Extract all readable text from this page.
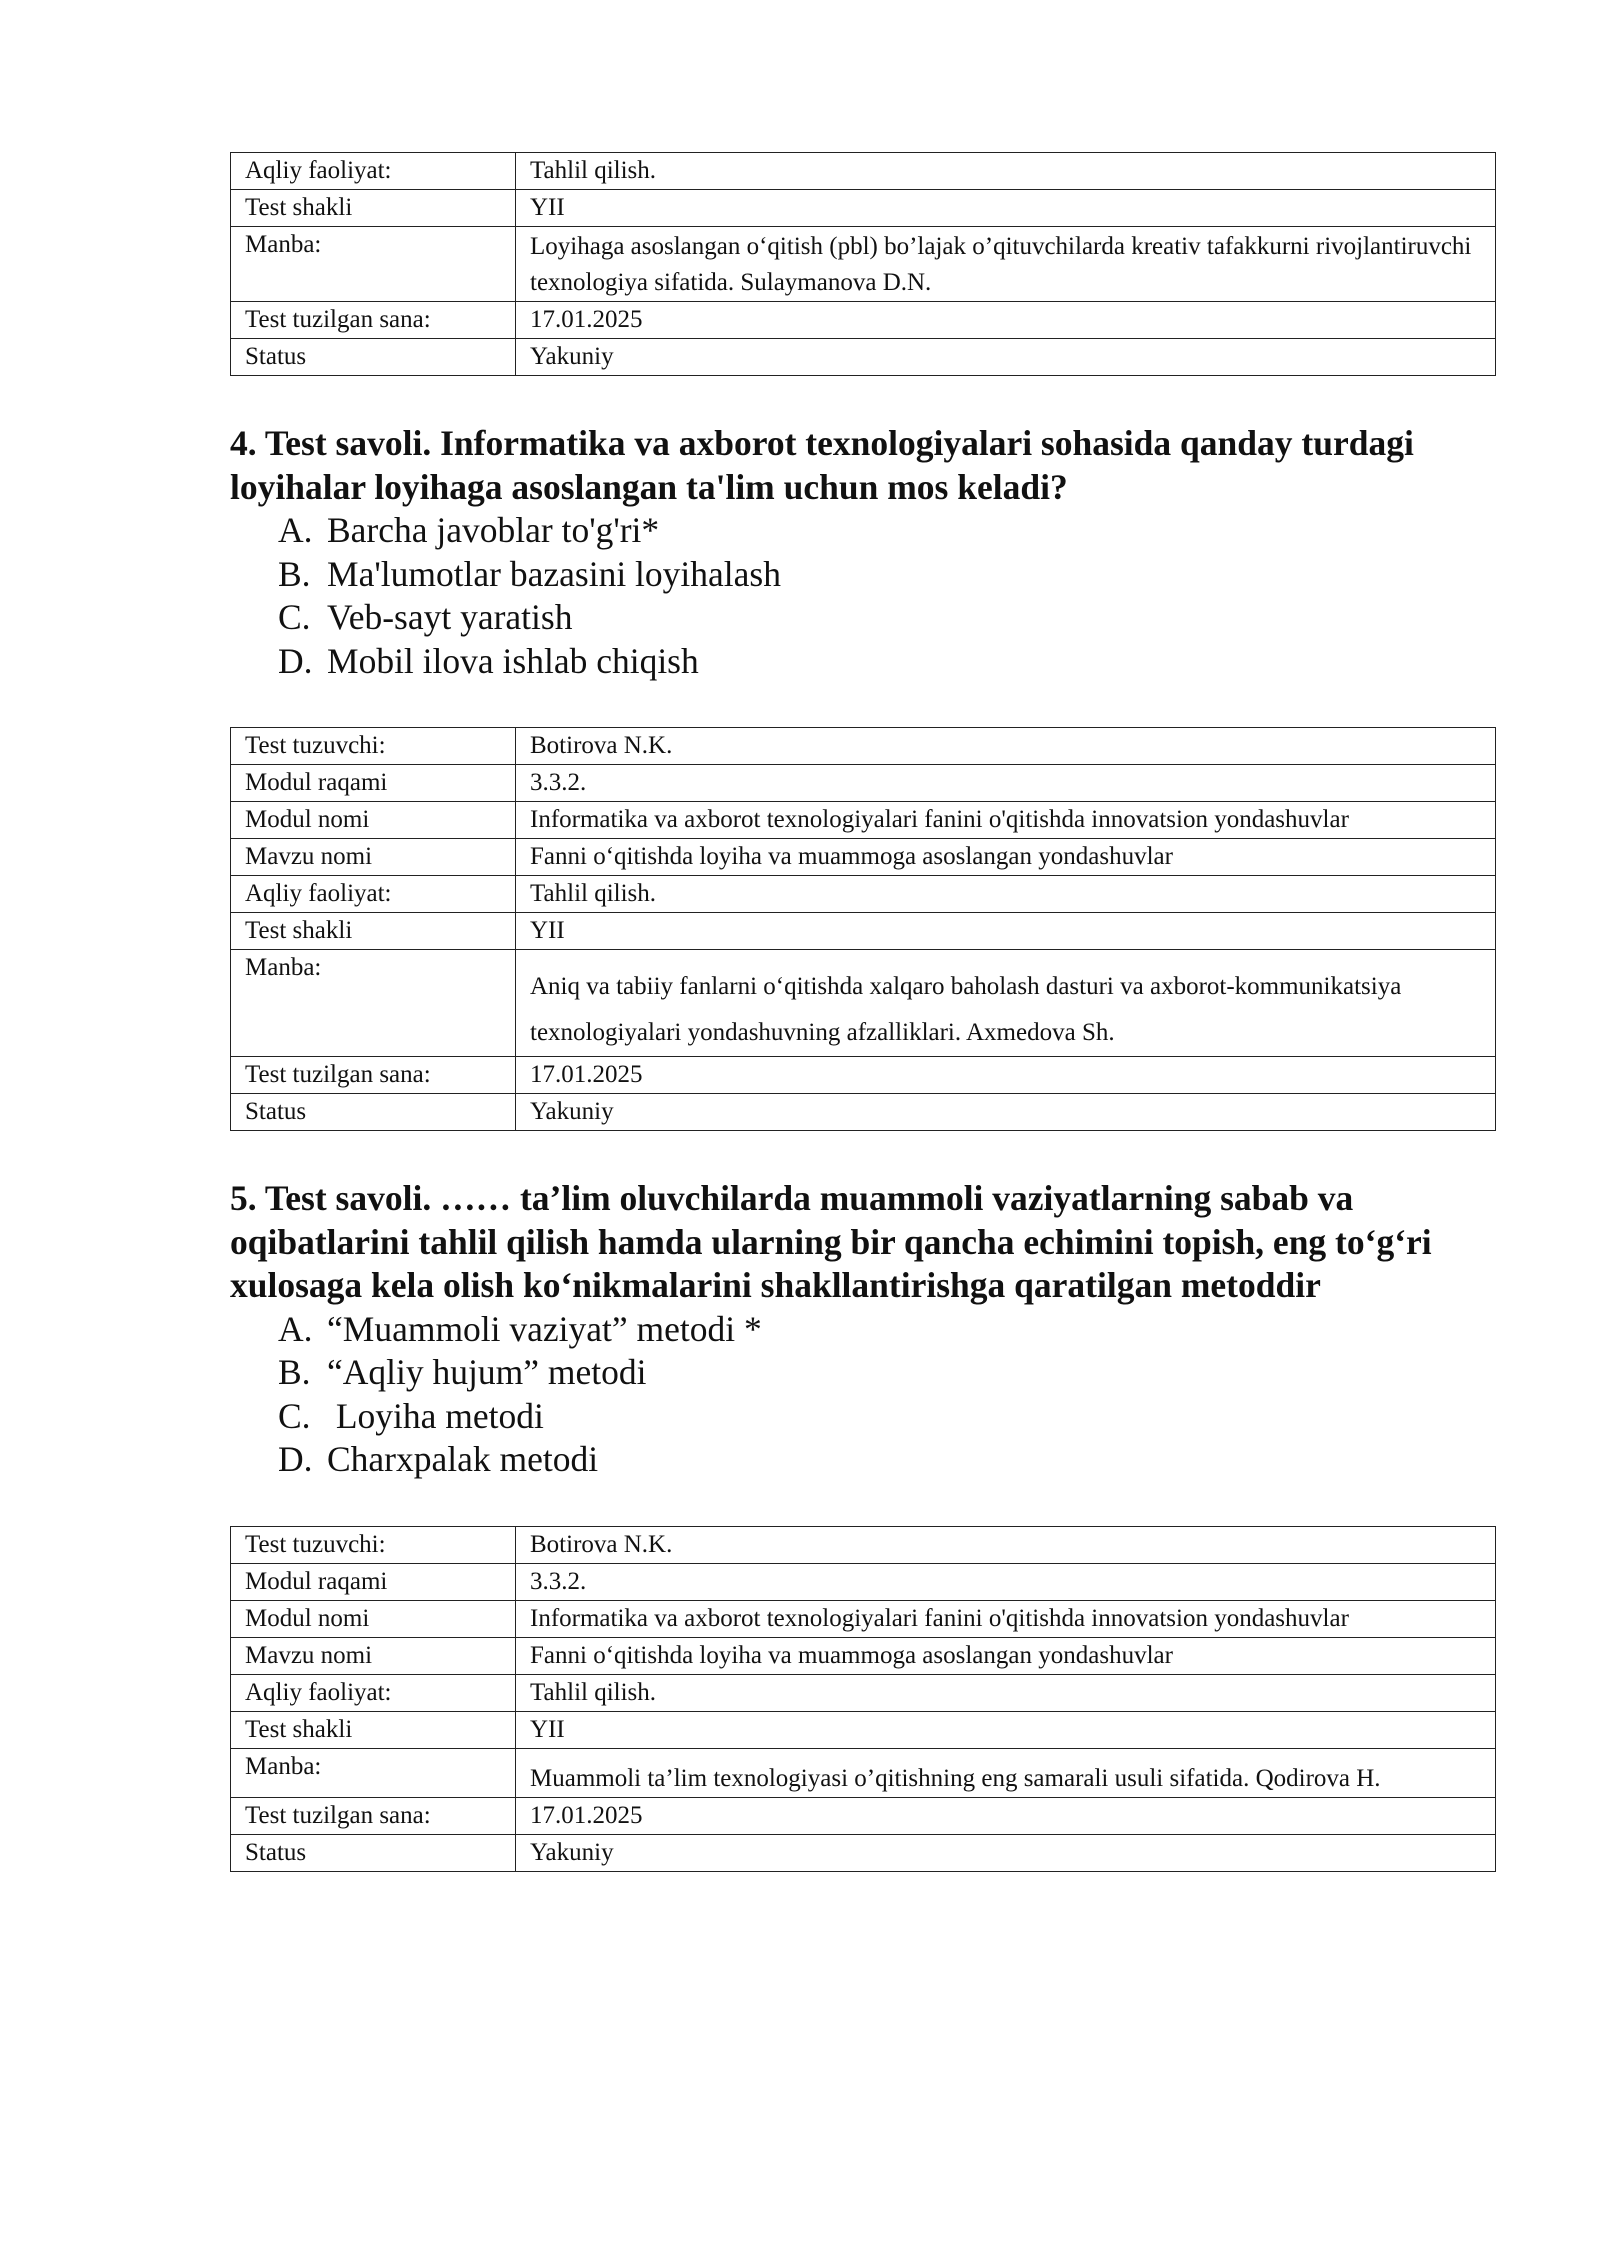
Aqliy faoliyat:	Tahlil qilish.
Test shakli	YII
Manba:	Loyihaga asoslangan o‘qitish (pbl) bo’lajak o’qituvchilarda kreativ tafakkurni rivojlantiruvchi texnologiya sifatida. Sulaymanova D.N.
Test tuzilgan sana:	17.01.2025
Status	Yakuniy

4. Test savoli. Informatika va axborot texnologiyalari sohasida qanday turdagi loyihalar loyihaga asoslangan ta'lim uchun mos keladi?

A. Barcha javoblar to'g'ri*
B. Ma'lumotlar bazasini loyihalash
C. Veb-sayt yaratish
D. Mobil ilova ishlab chiqish
Test tuzuvchi:	Botirova N.K.
Modul raqami	3.3.2.
Modul nomi	Informatika va axborot texnologiyalari fanini o'qitishda innovatsion yondashuvlar
Mavzu nomi	Fanni o‘qitishda loyiha va muammoga asoslangan yondashuvlar
Aqliy faoliyat:	Tahlil qilish.
Test shakli	YII
Manba:	Aniq va tabiiy fanlarni o‘qitishda xalqaro baholash dasturi va axborot-kommunikatsiya texnologiyalari yondashuvning afzalliklari. Axmedova Sh.
Test tuzilgan sana:	17.01.2025
Status	Yakuniy

5. Test savoli. …… ta’lim oluvchilarda muammoli vaziyatlarning sabab va oqibatlarini tahlil qilish hamda ularning bir qancha echimini topish, eng to‘g‘ri xulosaga kela olish ko‘nikmalarini shakllantirishga qaratilgan metoddir

A. “Muammoli vaziyat” metodi *
B. “Aqliy hujum” metodi
C. Loyiha metodi
D. Charxpalak metodi
Test tuzuvchi:	Botirova N.K.
Modul raqami	3.3.2.
Modul nomi	Informatika va axborot texnologiyalari fanini o'qitishda innovatsion yondashuvlar
Mavzu nomi	Fanni o‘qitishda loyiha va muammoga asoslangan yondashuvlar
Aqliy faoliyat:	Tahlil qilish.
Test shakli	YII
Manba:	Muammoli ta’lim texnologiyasi o’qitishning eng samarali usuli sifatida. Qodirova H.
Test tuzilgan sana:	17.01.2025
Status	Yakuniy
